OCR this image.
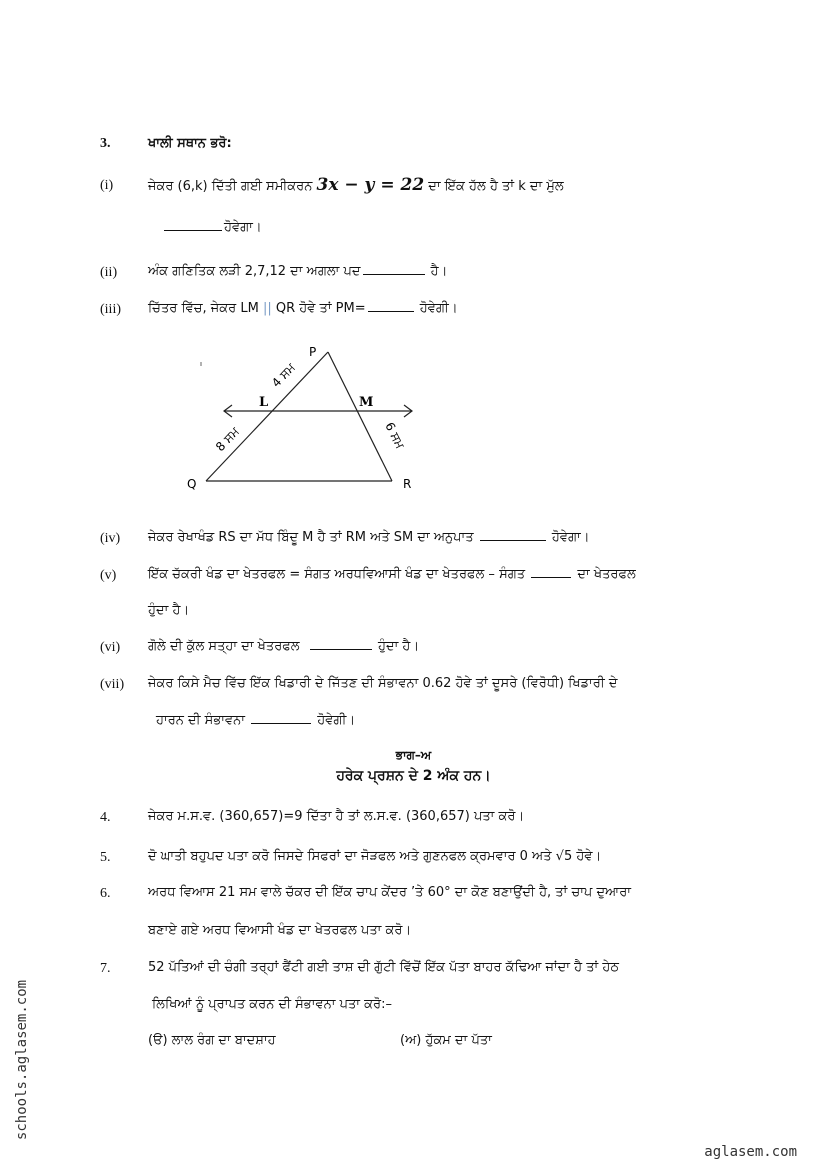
3.	ਖਾਲੀ ਸਥਾਨ ਭਰੋ:
(i)	ਜੇਕਰ (6,k) ਦਿੱਤੀ ਗਈ ਸਮੀਕਰਨ 3x − y = 22 ਦਾ ਇੱਕ ਹੱਲ ਹੈ ਤਾਂ k ਦਾ ਮੁੱਲ
ਹੋਵੇਗਾ।
(ii) ਅੰਕ ਗਣਿਤਿਕ ਲੜੀ 2,7,12 ਦਾ ਅਗਲਾ ਪਦ	ਹੈ।
(iii) ਚਿੱਤਰ ਵਿੱਚ, ਜੇਕਰ LM || QR ਹੋਵੇ ਤਾਂ PM=	ਹੋਵੇਗੀ।
P
Q	R
L	M
4 ਸਮ
8 ਸਮ	6 ਸਮ
(iv) ਜੇਕਰ ਰੇਖਾਖੰਡ RS ਦਾ ਮੱਧ ਬਿੰਦੂ M ਹੈ ਤਾਂ RM ਅਤੇ SM ਦਾ ਅਨੁਪਾਤ	ਹੋਵੇਗਾ।
(v) ਇੱਕ ਚੱਕਰੀ ਖੰਡ ਦਾ ਖੇਤਰਫਲ = ਸੰਗਤ ਅਰਧਵਿਆਸੀ ਖੰਡ ਦਾ ਖੇਤਰਫਲ – ਸੰਗਤ	ਦਾ ਖੇਤਰਫਲ
ਹੁੰਦਾ ਹੈ।
(vi) ਗੋਲੇ ਦੀ ਕੁੱਲ ਸਤ੍ਹਾ ਦਾ ਖੇਤਰਫਲ	ਹੁੰਦਾ ਹੈ।
(vii) ਜੇਕਰ ਕਿਸੇ ਮੈਚ ਵਿੱਚ ਇੱਕ ਖਿਡਾਰੀ ਦੇ ਜਿੱਤਣ ਦੀ ਸੰਭਾਵਨਾ 0.62 ਹੋਵੇ ਤਾਂ ਦੂਸਰੇ (ਵਿਰੋਧੀ) ਖਿਡਾਰੀ ਦੇ
ਹਾਰਨ ਦੀ ਸੰਭਾਵਨਾ	ਹੋਵੇਗੀ।
ਭਾਗ–ਅ
ਹਰੇਕ ਪ੍ਰਸ਼ਨ ਦੇ 2 ਅੰਕ ਹਨ।
4.	ਜੇਕਰ ਮ.ਸ.ਵ. (360,657)=9 ਦਿੱਤਾ ਹੈ ਤਾਂ ਲ.ਸ.ਵ. (360,657) ਪਤਾ ਕਰੋ।
5.	ਦੋ ਘਾਤੀ ਬਹੁਪਦ ਪਤਾ ਕਰੋ ਜਿਸਦੇ ਸਿਫਰਾਂ ਦਾ ਜੋੜਫਲ ਅਤੇ ਗੁਣਨਫਲ ਕ੍ਰਮਵਾਰ 0 ਅਤੇ √5 ਹੋਵੇ।
6.	ਅਰਧ ਵਿਆਸ 21 ਸਮ ਵਾਲੇ ਚੱਕਰ ਦੀ ਇੱਕ ਚਾਪ ਕੇਂਦਰ ’ਤੇ 60° ਦਾ ਕੋਣ ਬਣਾਉਂਦੀ ਹੈ, ਤਾਂ ਚਾਪ ਦੁਆਰਾ
ਬਣਾਏ ਗਏ ਅਰਧ ਵਿਆਸੀ ਖੰਡ ਦਾ ਖੇਤਰਫਲ ਪਤਾ ਕਰੋ।
7.	52 ਪੱਤਿਆਂ ਦੀ ਚੰਗੀ ਤਰ੍ਹਾਂ ਫੈਂਟੀ ਗਈ ਤਾਸ਼ ਦੀ ਗੁੱਟੀ ਵਿੱਚੋਂ ਇੱਕ ਪੱਤਾ ਬਾਹਰ ਕੱਢਿਆ ਜਾਂਦਾ ਹੈ ਤਾਂ ਹੇਠ
ਲਿਖਿਆਂ ਨੂੰ ਪ੍ਰਾਪਤ ਕਰਨ ਦੀ ਸੰਭਾਵਨਾ ਪਤਾ ਕਰੋ:–
(ੳ) ਲਾਲ ਰੰਗ ਦਾ ਬਾਦਸ਼ਾਹ	(ਅ) ਹੁੱਕਮ ਦਾ ਪੱਤਾ
schools.aglasem.com
aglasem.com
